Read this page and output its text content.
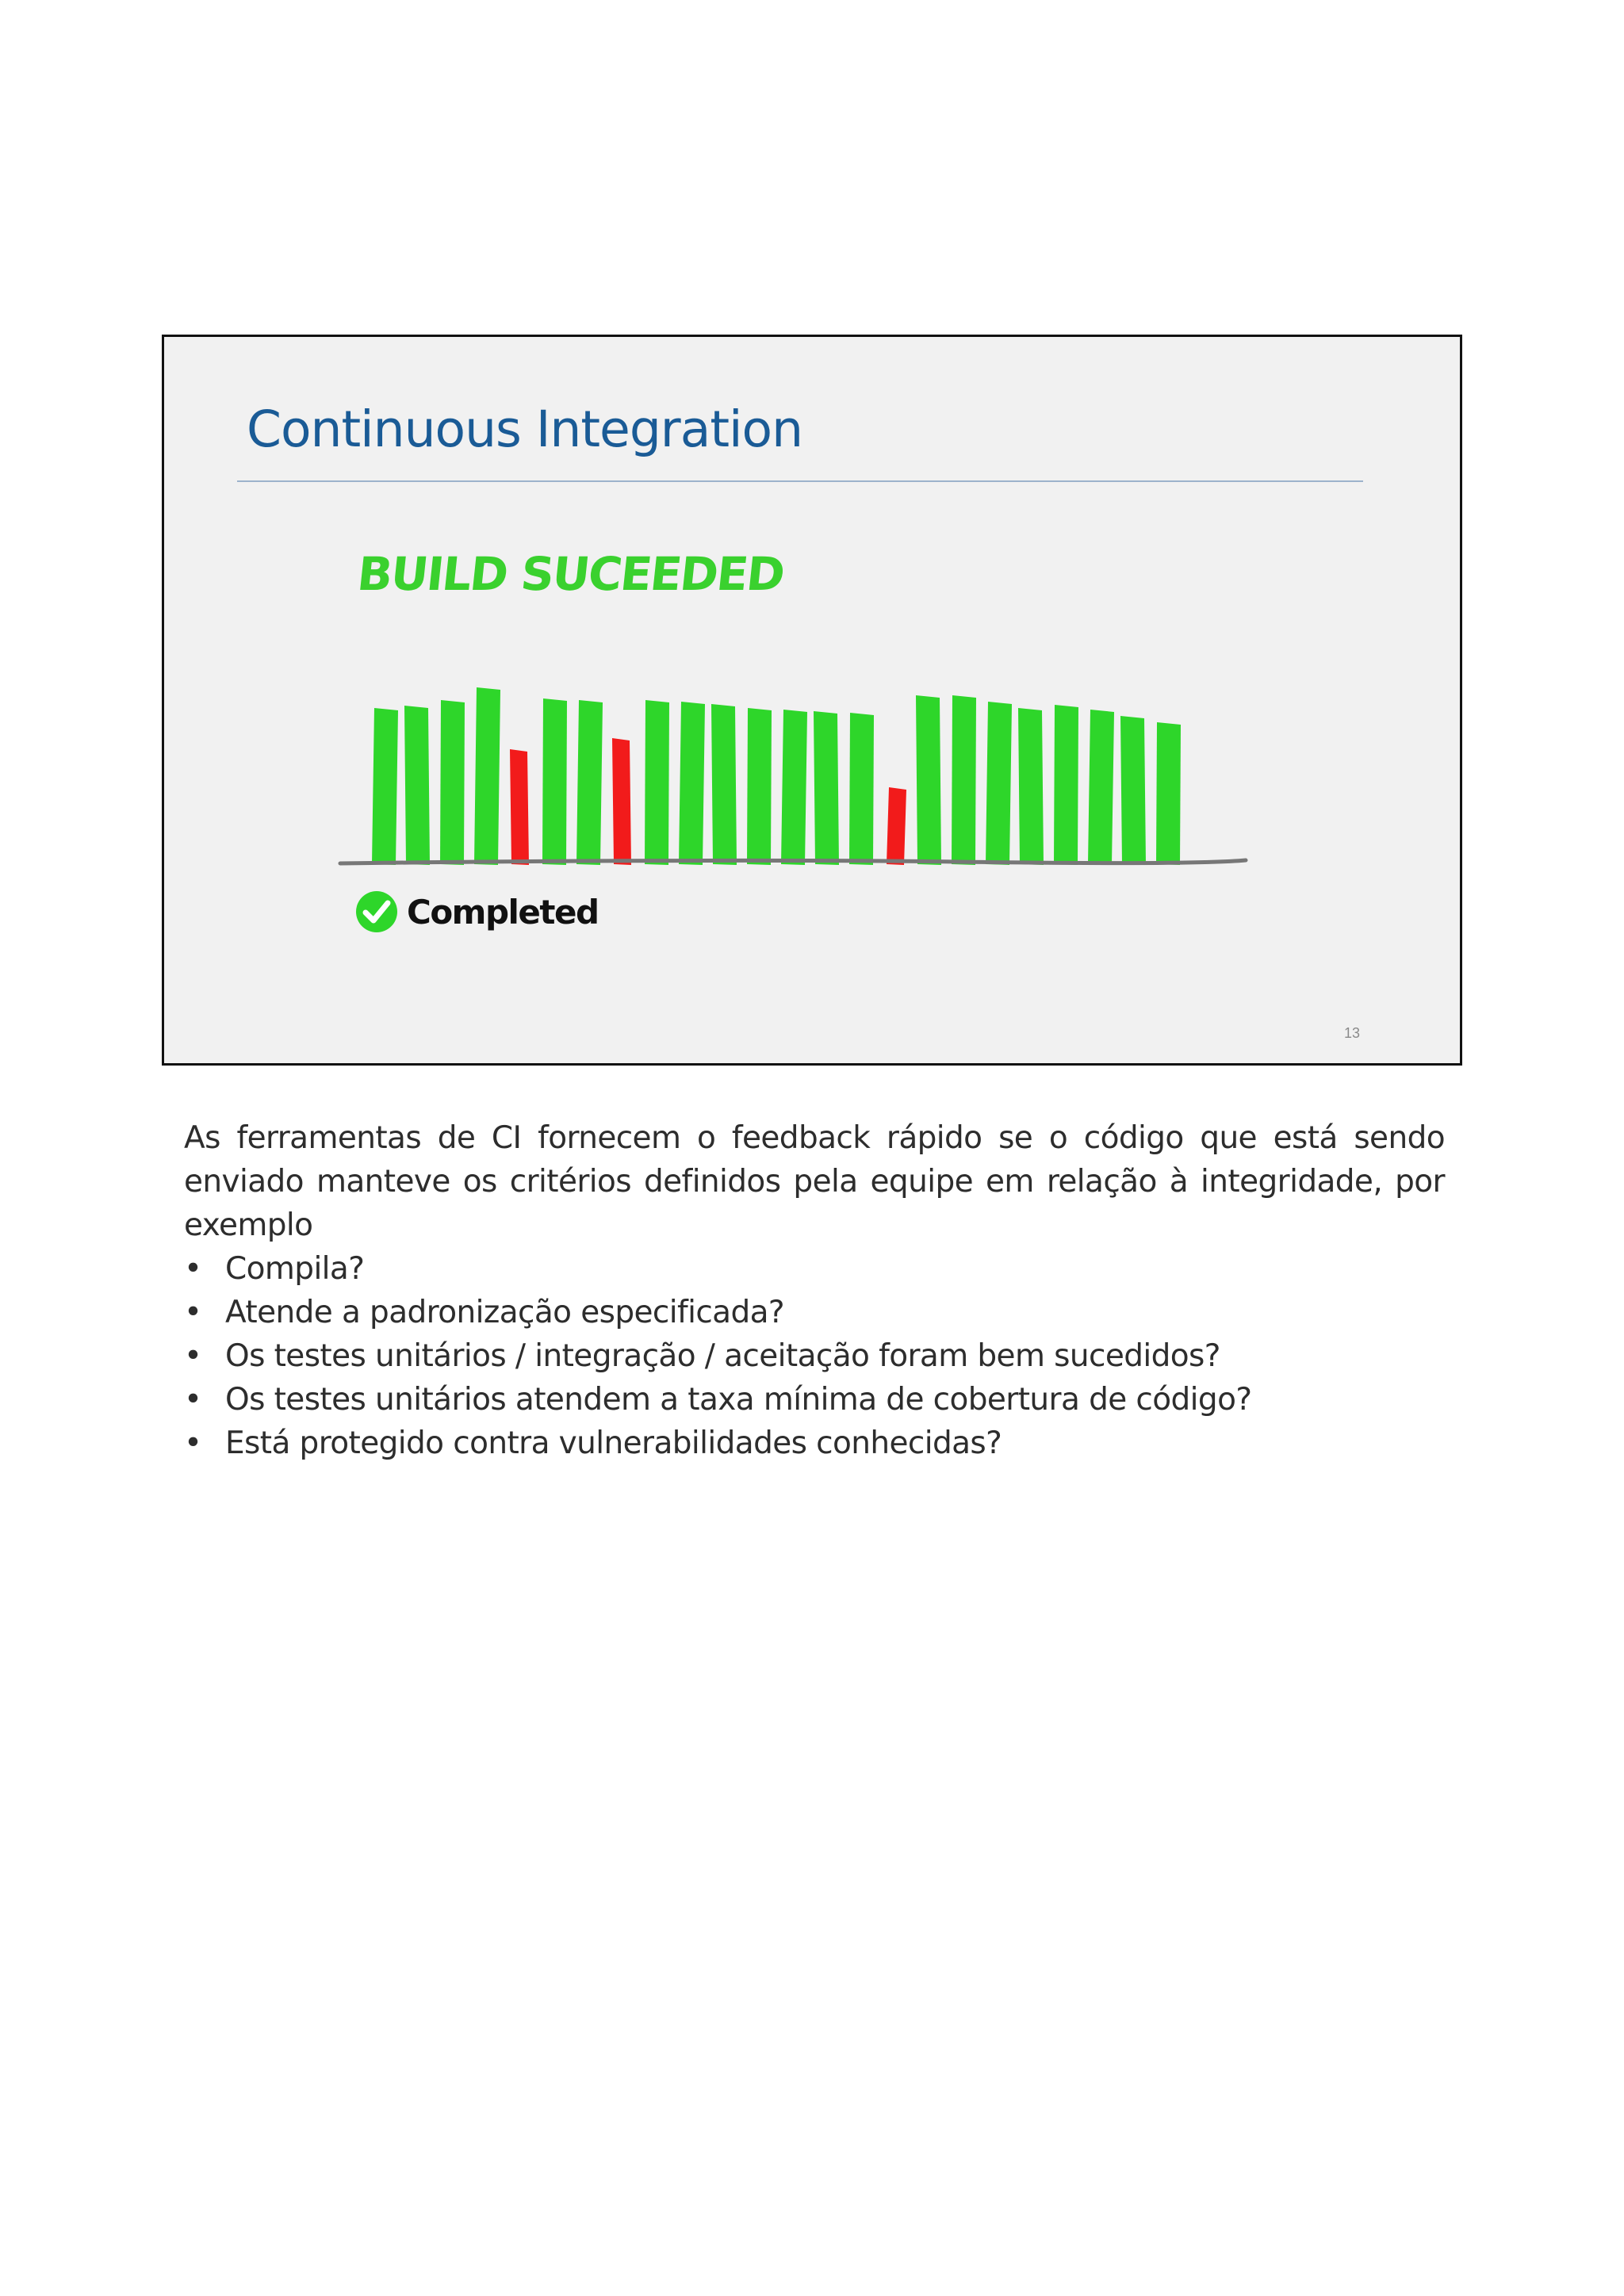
Continuous Integration
BUILD SUCEEDED
Completed
13

As ferramentas de CI fornecem o feedback rápido se o código que está sendo enviado manteve os critérios definidos pela equipe em relação à integridade, por exemplo

• Compila?
• Atende a padronização especificada?
• Os testes unitários / integração / aceitação foram bem sucedidos?
• Os testes unitários atendem a taxa mínima de cobertura de código?
• Está protegido contra vulnerabilidades conhecidas?
